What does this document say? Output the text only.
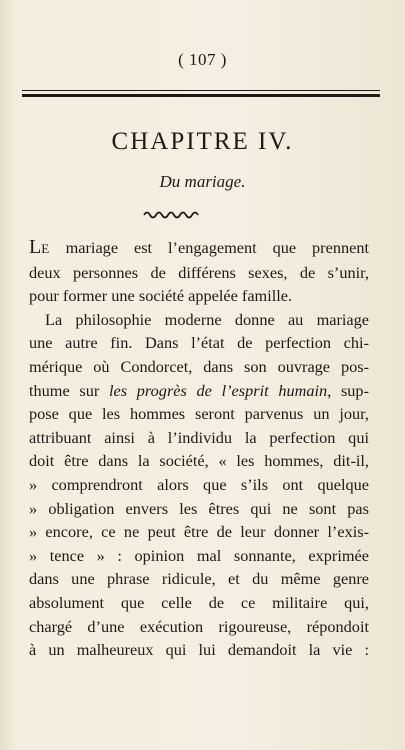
( 107 )
CHAPITRE IV.
Du mariage.
LE mariage est l’engagement que prennent
deux personnes de différens sexes, de s’unir,
pour former une société appelée famille.
La philosophie moderne donne au mariage
une autre fin. Dans l’état de perfection chi-
mérique où Condorcet, dans son ouvrage pos-
thume sur les progrès de l’esprit humain, sup-
pose que les hommes seront parvenus un jour,
attribuant ainsi à l’individu la perfection qui
doit être dans la société, « les hommes, dit-il,
» comprendront alors que s’ils ont quelque
» obligation envers les êtres qui ne sont pas
» encore, ce ne peut être de leur donner l’exis-
» tence » : opinion mal sonnante, exprimée
dans une phrase ridicule, et du même genre
absolument que celle de ce militaire qui,
chargé d’une exécution rigoureuse, répondoit
à un malheureux qui lui demandoit la vie :
